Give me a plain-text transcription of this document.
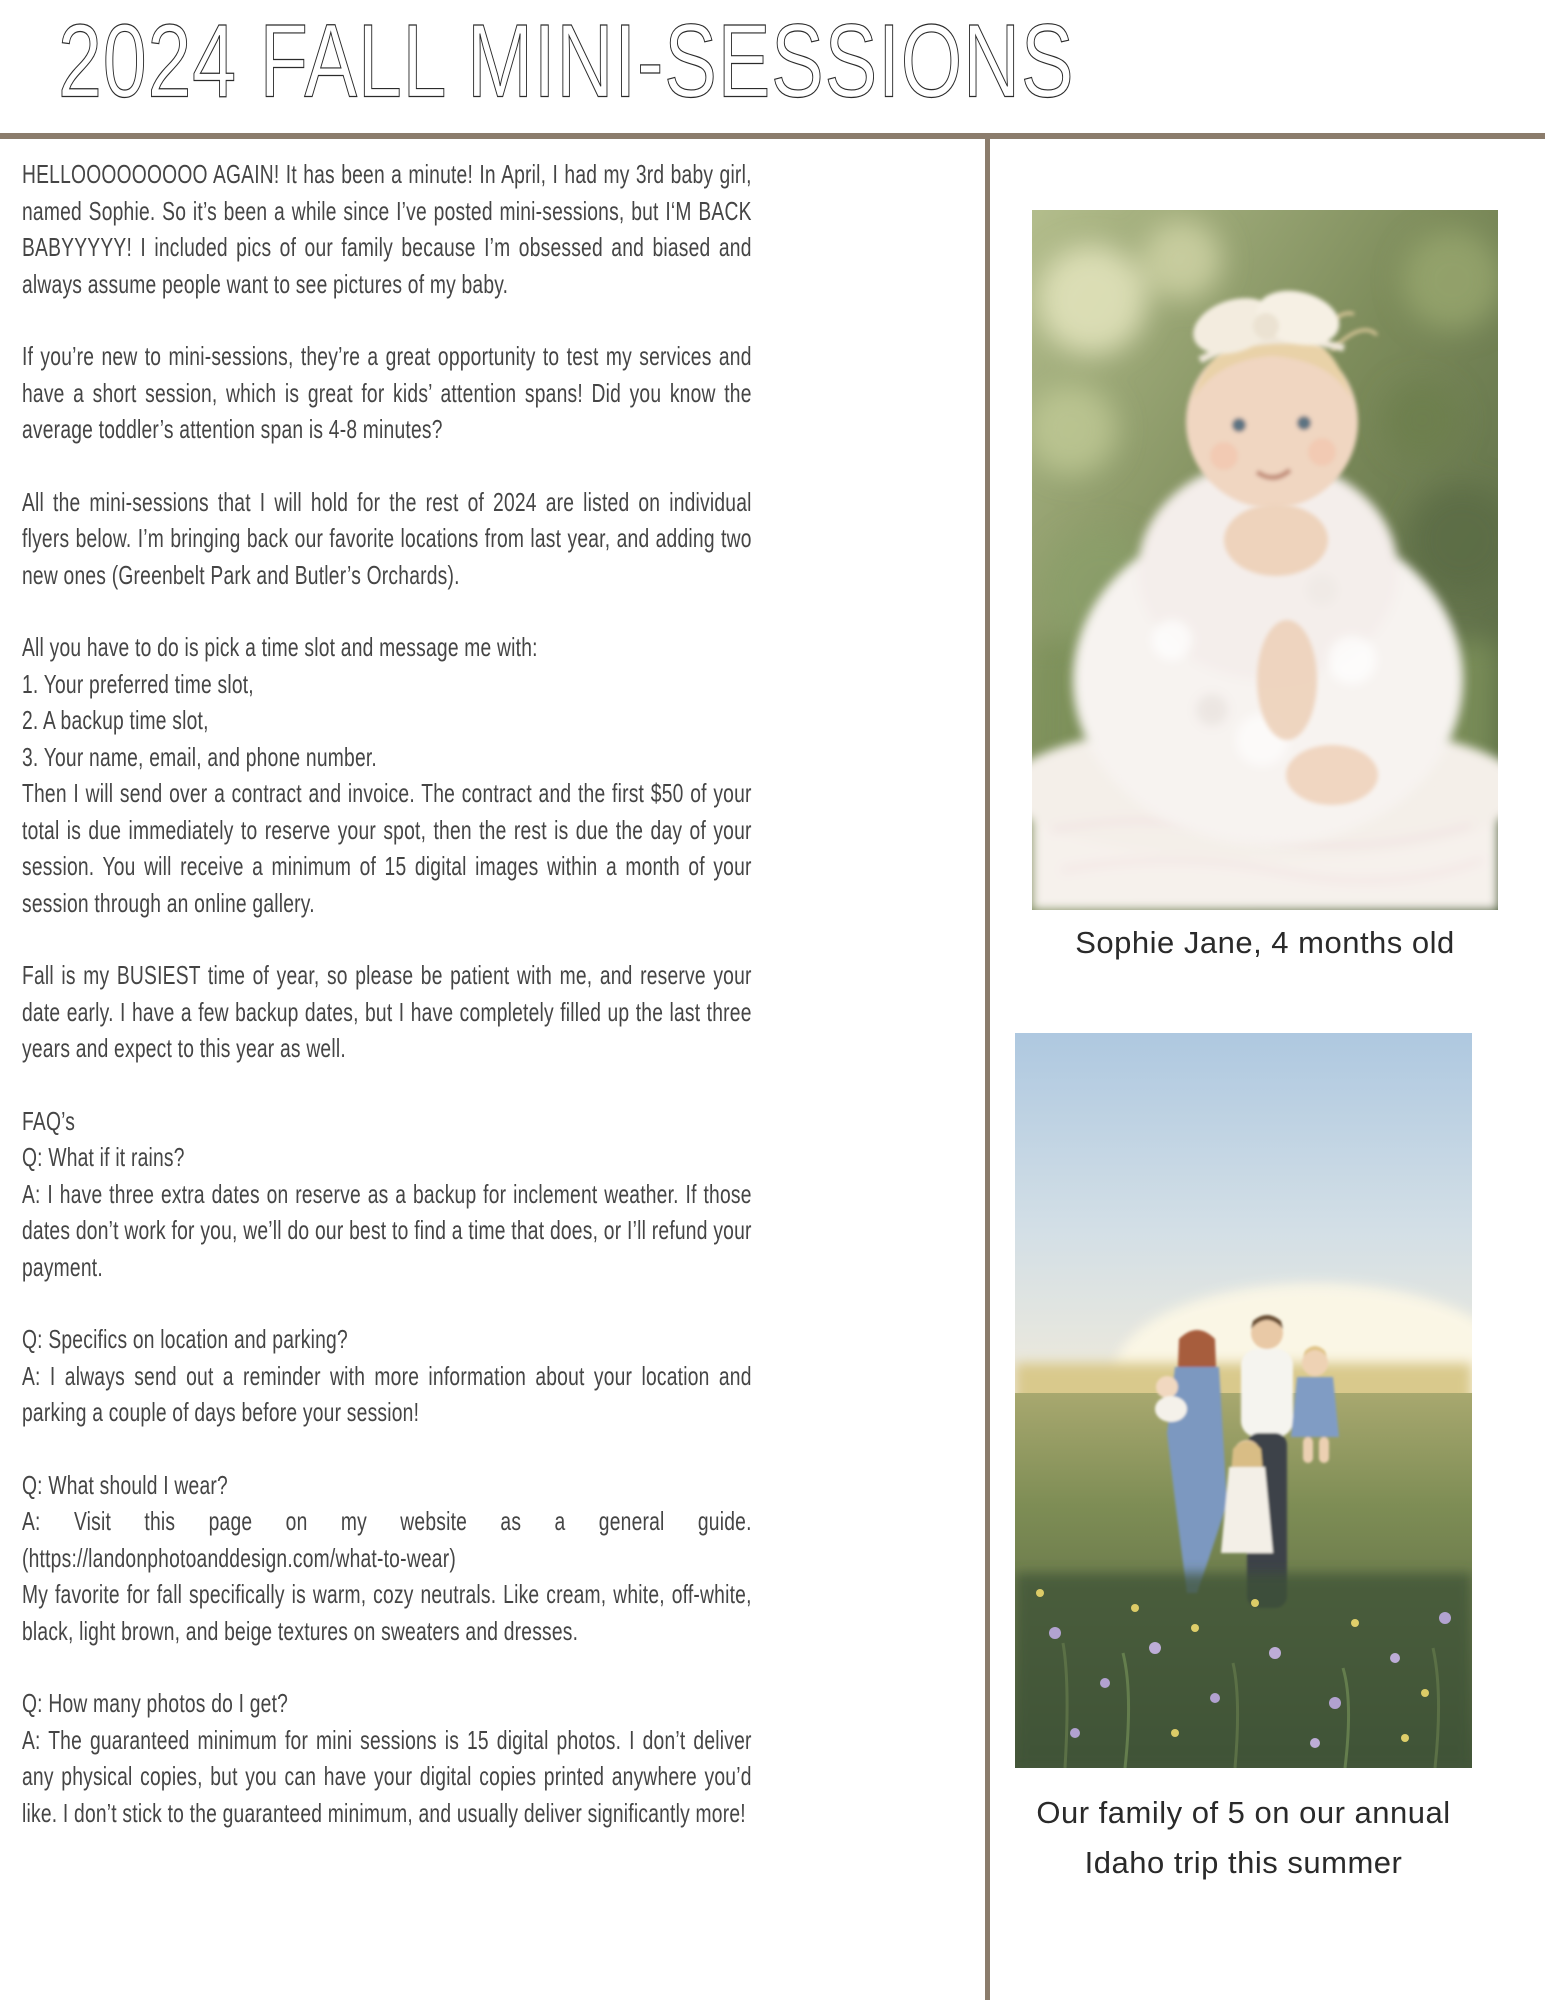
2024 FALL MINI-SESSIONS

HELLOOOOOOOOO AGAIN! It has been a minute! In April, I had my 3rd baby girl, named Sophie. So it’s been a while since I’ve posted mini-sessions, but I‘M BACK BABYYYYY! I included pics of our family because I’m obsessed and biased and always assume people want to see pictures of my baby.

If you’re new to mini-sessions, they’re a great opportunity to test my services and have a short session, which is great for kids’ attention spans! Did you know the average toddler’s attention span is 4-8 minutes?

All the mini-sessions that I will hold for the rest of 2024 are listed on individual flyers below. I’m bringing back our favorite locations from last year, and adding two new ones (Greenbelt Park and Butler’s Orchards).

All you have to do is pick a time slot and message me with:

1. Your preferred time slot,

2. A backup time slot,

3. Your name, email, and phone number.

Then I will send over a contract and invoice. The contract and the first $50 of your total is due immediately to reserve your spot, then the rest is due the day of your session. You will receive a minimum of 15 digital images within a month of your session through an online gallery.

Fall is my BUSIEST time of year, so please be patient with me, and reserve your date early. I have a few backup dates, but I have completely filled up the last three years and expect to this year as well.

FAQ’s

Q: What if it rains?

A: I have three extra dates on reserve as a backup for inclement weather. If those dates don’t work for you, we’ll do our best to find a time that does, or I’ll refund your payment.

Q: Specifics on location and parking?

A: I always send out a reminder with more information about your location and parking a couple of days before your session!

Q: What should I wear?

A: Visit this page on my website as a general guide. (https://landonphotoanddesign.com/what-to-wear)

My favorite for fall specifically is warm, cozy neutrals. Like cream, white, off-white, black, light brown, and beige textures on sweaters and dresses.

Q: How many photos do I get?

A: The guaranteed minimum for mini sessions is 15 digital photos. I don’t deliver any physical copies, but you can have your digital copies printed anywhere you’d like. I don’t stick to the guaranteed minimum, and usually deliver significantly more!

Sophie Jane, 4 months old
Our family of 5 on our annual
Idaho trip this summer
